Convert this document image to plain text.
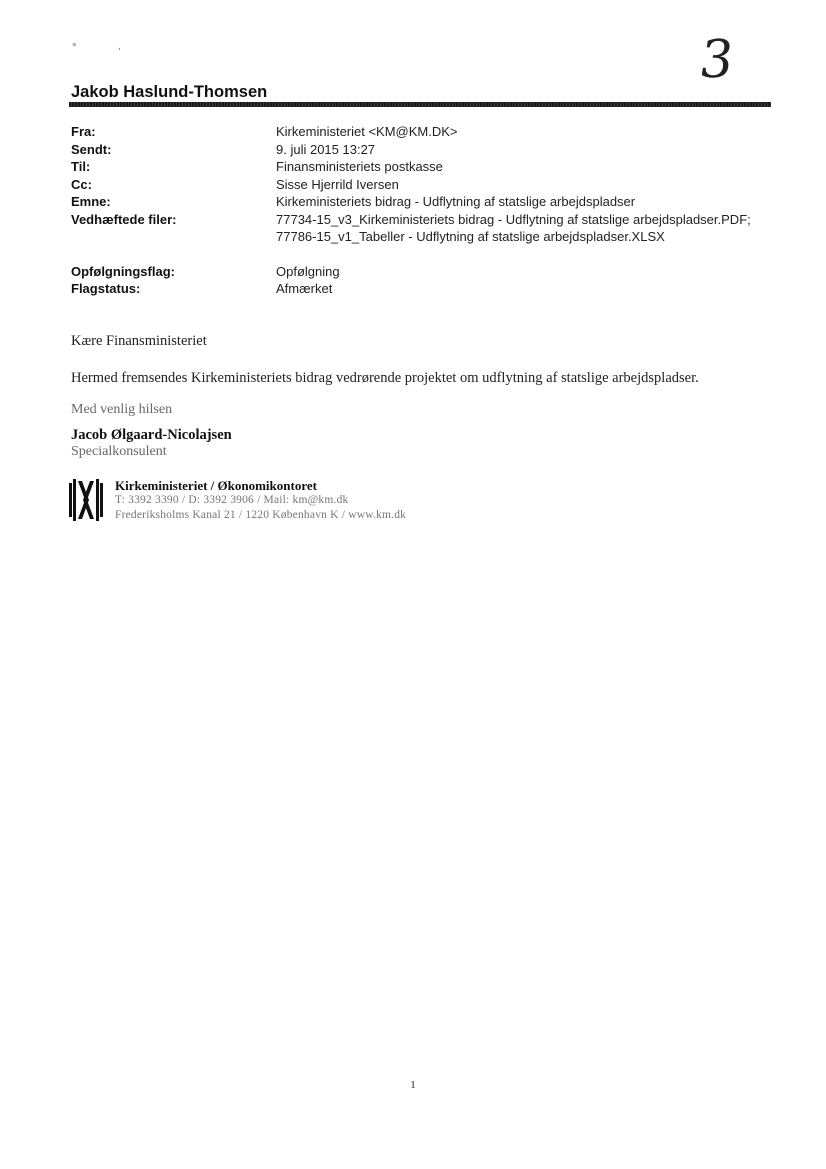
*	,	3
Jakob Haslund-Thomsen
Fra:	Kirkeministeriet <KM@KM.DK>
Sendt:	9. juli 2015 13:27
Til:	Finansministeriets postkasse
Cc:	Sisse Hjerrild Iversen
Emne:	Kirkeministeriets bidrag - Udflytning af statslige arbejdspladser
Vedhæftede filer:	77734-15_v3_Kirkeministeriets bidrag - Udflytning af statslige arbejdspladser.PDF;
77786-15_v1_Tabeller - Udflytning af statslige arbejdspladser.XLSX
Opfølgningsflag:	Opfølgning
Flagstatus:	Afmærket
Kære Finansministeriet
Hermed fremsendes Kirkeministeriets bidrag vedrørende projektet om udflytning af statslige arbejdspladser.
Med venlig hilsen
Jacob Ølgaard-Nicolajsen
Specialkonsulent
Kirkeministeriet / Økonomikontoret
T: 3392 3390 / D: 3392 3906 / Mail: km@km.dk
Frederiksholms Kanal 21 / 1220 København K / www.km.dk
1
